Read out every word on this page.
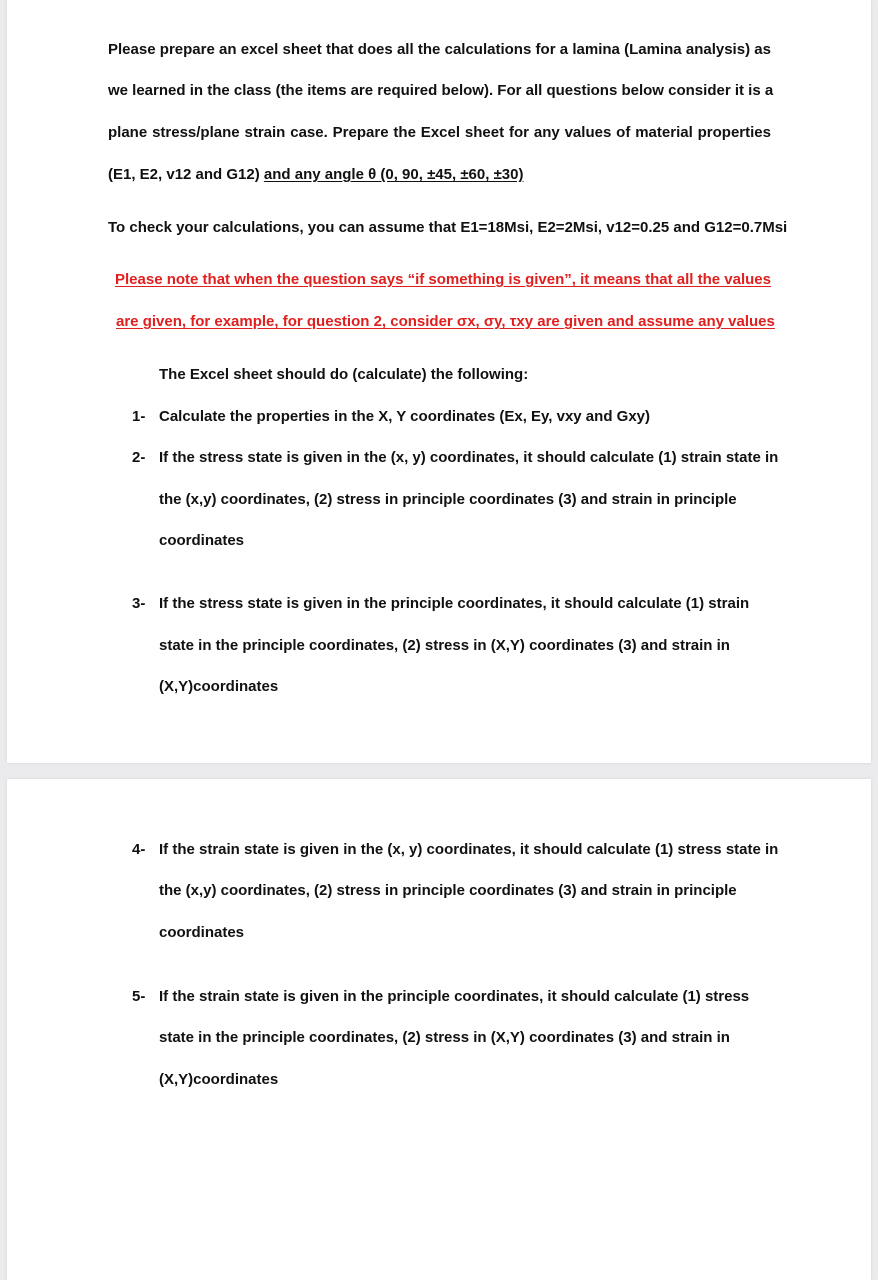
Please prepare an excel sheet that does all the calculations for a lamina (Lamina analysis) as
we learned in the class (the items are required below). For all questions below consider it is a
plane stress/plane strain case. Prepare the Excel sheet for any values of material properties
(E1, E2, v12 and G12) and any angle θ (0, 90, ±45, ±60, ±30)
To check your calculations, you can assume that E1=18Msi, E2=2Msi, v12=0.25 and G12=0.7Msi
Please note that when the question says “if something is given”, it means that all the values
are given, for example, for question 2, consider σx, σy, τxy are given and assume any values
The Excel sheet should do (calculate) the following:
1- Calculate the properties in the X, Y coordinates (Ex, Ey, vxy and Gxy)
2- If the stress state is given in the (x, y) coordinates, it should calculate (1) strain state in
the (x,y) coordinates, (2) stress in principle coordinates (3) and strain in principle
coordinates
3- If the stress state is given in the principle coordinates, it should calculate (1) strain
state in the principle coordinates, (2) stress in (X,Y) coordinates (3) and strain in
(X,Y)coordinates
4- If the strain state is given in the (x, y) coordinates, it should calculate (1) stress state in
the (x,y) coordinates, (2) stress in principle coordinates (3) and strain in principle
coordinates
5- If the strain state is given in the principle coordinates, it should calculate (1) stress
state in the principle coordinates, (2) stress in (X,Y) coordinates (3) and strain in
(X,Y)coordinates
